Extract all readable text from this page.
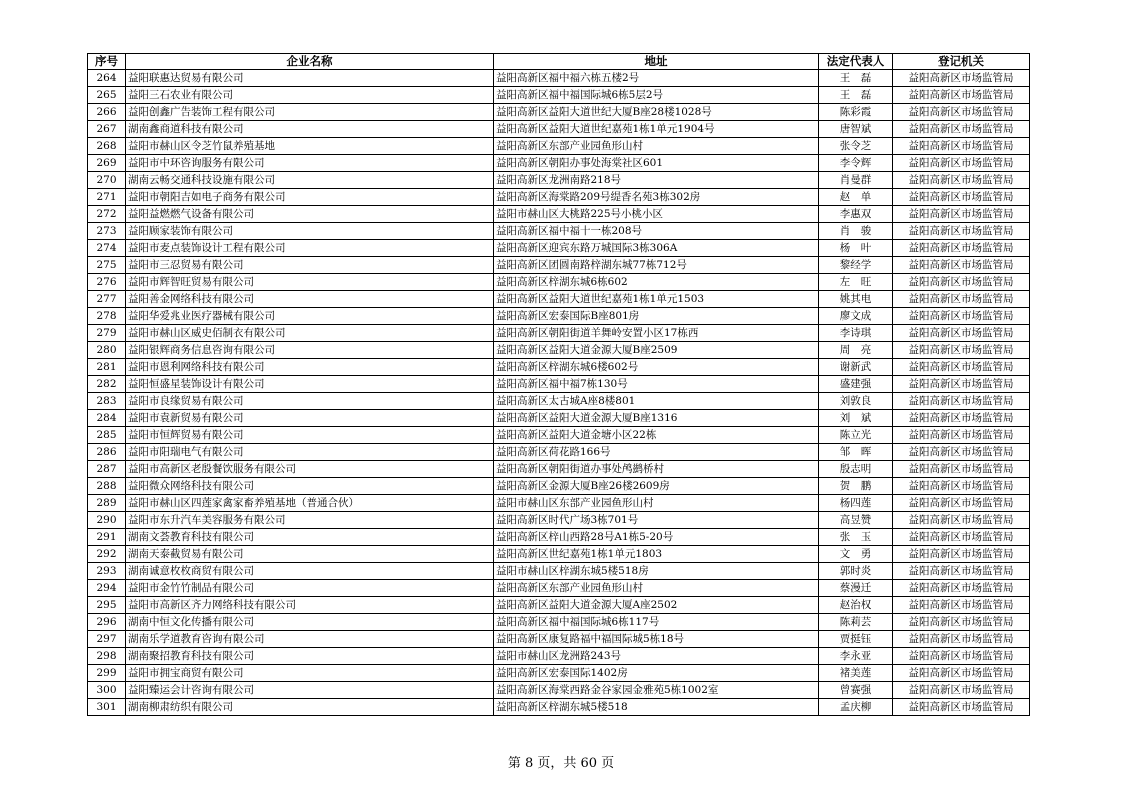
序号	企业名称	地址	法定代表人	登记机关
264	益阳联惠达贸易有限公司	益阳高新区福中福六栋五楼2号	王　磊	益阳高新区市场监管局
265	益阳三石农业有限公司	益阳高新区福中福国际城6栋5层2号	王　磊	益阳高新区市场监管局
266	益阳创鑫广告装饰工程有限公司	益阳高新区益阳大道世纪大厦B座28楼1028号	陈彩霞	益阳高新区市场监管局
267	湖南鑫商道科技有限公司	益阳高新区益阳大道世纪嘉苑1栋1单元1904号	唐智斌	益阳高新区市场监管局
268	益阳市赫山区令芝竹鼠养殖基地	益阳高新区东部产业园鱼形山村	张令芝	益阳高新区市场监管局
269	益阳市中环咨询服务有限公司	益阳高新区朝阳办事处海棠社区601	李令辉	益阳高新区市场监管局
270	湖南云畅交通科技设施有限公司	益阳高新区龙洲南路218号	肖曼群	益阳高新区市场监管局
271	益阳市朝阳吉如电子商务有限公司	益阳高新区海棠路209号缇香名苑3栋302房	赵　单	益阳高新区市场监管局
272	益阳益燃燃气设备有限公司	益阳市赫山区大桃路225号小桃小区	李惠双	益阳高新区市场监管局
273	益阳顾家装饰有限公司	益阳高新区福中福十一栋208号	肖　骏	益阳高新区市场监管局
274	益阳市麦点装饰设计工程有限公司	益阳高新区迎宾东路万城国际3栋306A	杨　叶	益阳高新区市场监管局
275	益阳市三忍贸易有限公司	益阳高新区团圆南路梓湖东城77栋712号	黎经学	益阳高新区市场监管局
276	益阳市辉智旺贸易有限公司	益阳高新区梓湖东城6栋602	左　旺	益阳高新区市场监管局
277	益阳善金网络科技有限公司	益阳高新区益阳大道世纪嘉苑1栋1单元1503	姚其电	益阳高新区市场监管局
278	益阳华爱兆业医疗器械有限公司	益阳高新区宏泰国际B座801房	廖文成	益阳高新区市场监管局
279	益阳市赫山区威史佰制衣有限公司	益阳高新区朝阳街道羊舞岭安置小区17栋西	李诗琪	益阳高新区市场监管局
280	益阳银辉商务信息咨询有限公司	益阳高新区益阳大道金源大厦B座2509	周　亮	益阳高新区市场监管局
281	益阳市恩利网络科技有限公司	益阳高新区梓湖东城6楼602号	谢新武	益阳高新区市场监管局
282	益阳恒盛星装饰设计有限公司	益阳高新区福中福7栋130号	盛建强	益阳高新区市场监管局
283	益阳市良缘贸易有限公司	益阳高新区太古城A座8楼801	刘敦良	益阳高新区市场监管局
284	益阳市袁新贸易有限公司	益阳高新区益阳大道金源大厦B座1316	刘　斌	益阳高新区市场监管局
285	益阳市恒辉贸易有限公司	益阳高新区益阳大道金塘小区22栋	陈立光	益阳高新区市场监管局
286	益阳市阳瑞电气有限公司	益阳高新区荷花路166号	邹　晖	益阳高新区市场监管局
287	益阳市高新区老殷餐饮服务有限公司	益阳高新区朝阳街道办事处鸬鹚桥村	殷志明	益阳高新区市场监管局
288	益阳微众网络科技有限公司	益阳高新区金源大厦B座26楼2609房	贺　鹏	益阳高新区市场监管局
289	益阳市赫山区四莲家禽家畜养殖基地（普通合伙）	益阳市赫山区东部产业园鱼形山村	杨四莲	益阳高新区市场监管局
290	益阳市东升汽车美容服务有限公司	益阳高新区时代广场3栋701号	高昱赞	益阳高新区市场监管局
291	湖南文荟教育科技有限公司	益阳高新区梓山西路28号A1栋5-20号	张　玉	益阳高新区市场监管局
292	湖南天泰截贸易有限公司	益阳高新区世纪嘉苑1栋1单元1803	文　勇	益阳高新区市场监管局
293	湖南诚意枚枚商贸有限公司	益阳市赫山区梓湖东城5楼518房	郭时炎	益阳高新区市场监管局
294	益阳市金竹竹制品有限公司	益阳高新区东部产业园鱼形山村	蔡漫迁	益阳高新区市场监管局
295	益阳市高新区齐力网络科技有限公司	益阳高新区益阳大道金源大厦A座2502	赵治权	益阳高新区市场监管局
296	湖南中恒文化传播有限公司	益阳高新区福中福国际城6栋117号	陈莉芸	益阳高新区市场监管局
297	湖南乐学道教育咨询有限公司	益阳高新区康复路福中福国际城5栋18号	贾挺钰	益阳高新区市场监管局
298	湖南聚招教育科技有限公司	益阳市赫山区龙洲路243号	李永亚	益阳高新区市场监管局
299	益阳市拥宝商贸有限公司	益阳高新区宏泰国际1402房	褚美莲	益阳高新区市场监管局
300	益阳臻运会计咨询有限公司	益阳高新区海棠西路金谷家园金雅苑5栋1002室	曾赛强	益阳高新区市场监管局
301	湖南柳肃纺织有限公司	益阳高新区梓湖东城5楼518	孟庆柳	益阳高新区市场监管局
第 8 页，共 60 页
